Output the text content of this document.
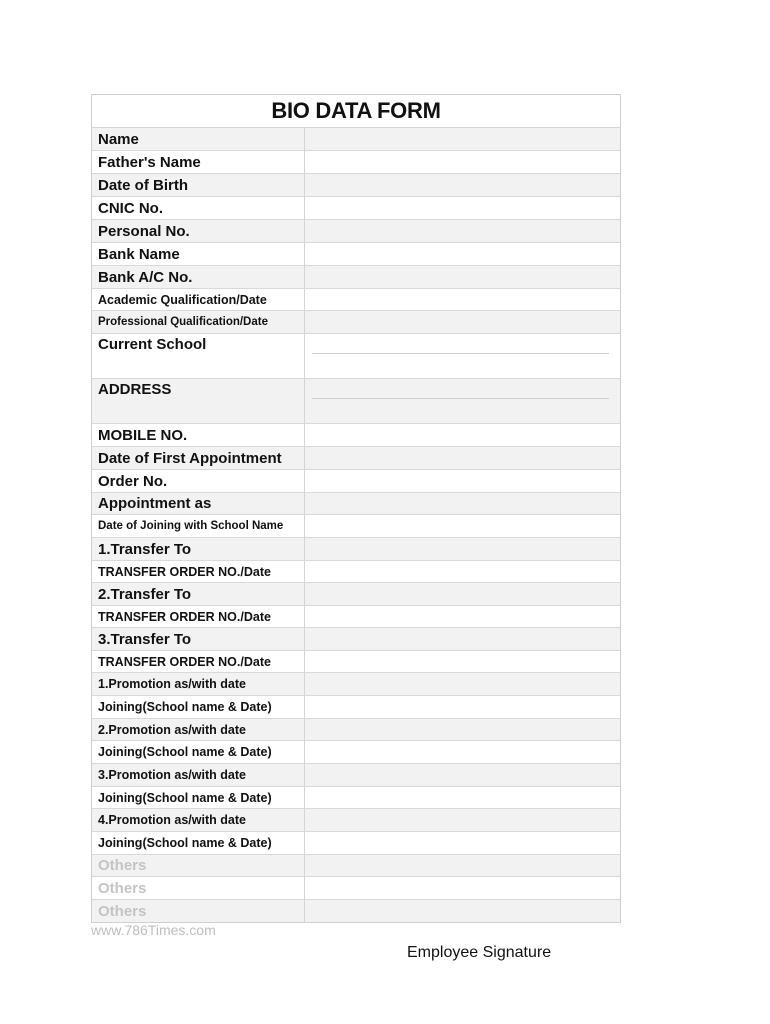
BIO DATA FORM
Name
Father's Name
Date of Birth
CNIC No.
Personal No.
Bank Name
Bank A/C No.
Academic Qualification/Date
Professional Qualification/Date
Current School
ADDRESS
MOBILE NO.
Date of First Appointment
Order No.
Appointment as
Date of Joining with School Name
1.Transfer To
TRANSFER ORDER NO./Date
2.Transfer To
TRANSFER ORDER NO./Date
3.Transfer To
TRANSFER ORDER NO./Date
1.Promotion as/with date
Joining(School name & Date)
2.Promotion as/with date
Joining(School name & Date)
3.Promotion as/with date
Joining(School name & Date)
4.Promotion as/with date
Joining(School name & Date)
Others
Others
Others
www.786Times.com
Employee Signature
